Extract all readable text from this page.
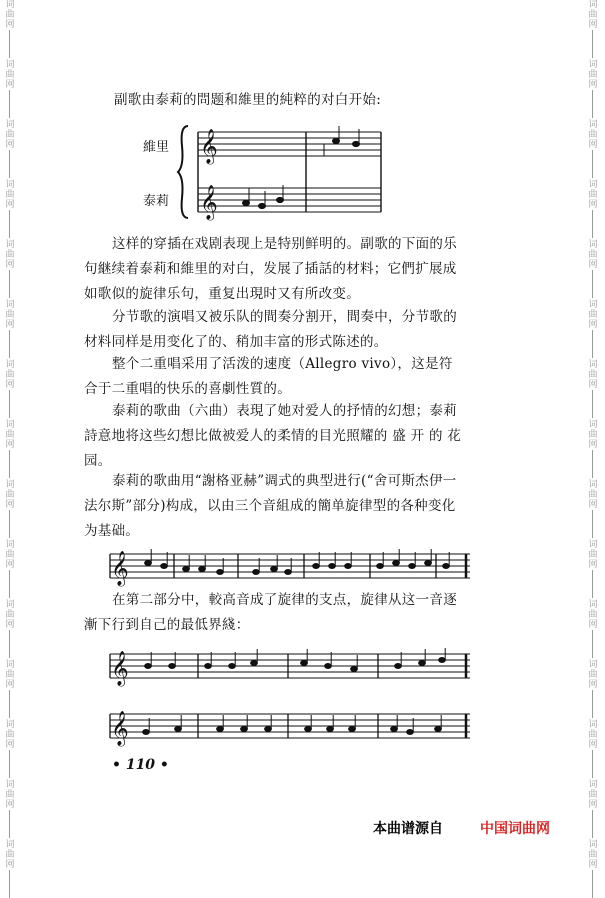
词
曲
网
词
曲
网
词
曲
网
词
曲
网
词
曲
网
词
曲
网
词
曲
网
词
曲
网
词
曲
网
词
曲
网
词
曲
网
词
曲
网
词
曲
网
词
曲
网
词
曲
网
词
曲
网
词
曲
网
词
曲
网
词
曲
网
词
曲
网
词
曲
网
词
曲
网
词
曲
网
词
曲
网
词
曲
网
词
曲
网
词
曲
网
词
曲
网
词
曲
网
词
曲
网
副歌由泰莉的問题和維里的純粹的对白开始:
維里
泰莉
𝄞
𝄞
这样的穿插在戏剧表现上是特别鲜明的。副歌的下面的乐
句継续着泰莉和維里的对白，发展了插話的材料；它們扩展成
如歌似的旋律乐句，重复出現时又有所改变。
分节歌的演唱又被乐队的間奏分割开，間奏中，分节歌的
材料同样是用变化了的、稍加丰富的形式陈述的。
整个二重唱采用了活泼的速度（Allegro vivo），这是符
合于二重唱的快乐的喜劇性質的。
泰莉的歌曲（六曲）表現了她对爱人的抒情的幻想；泰莉
詩意地将这些幻想比做被爱人的柔情的目光照耀的 盛 开 的 花
园。
泰莉的歌曲用“謝格亚赫”调式的典型进行(“舍可斯杰伊一
法尔斯”部分)构成，以由三个音組成的簡单旋律型的各种变化
为基础。
𝄞
在第二部分中，較高音成了旋律的支点，旋律从这一音逐
漸下行到自己的最低界綫：
𝄞
𝄞
• 110 •
本曲谱源自	中国词曲网
